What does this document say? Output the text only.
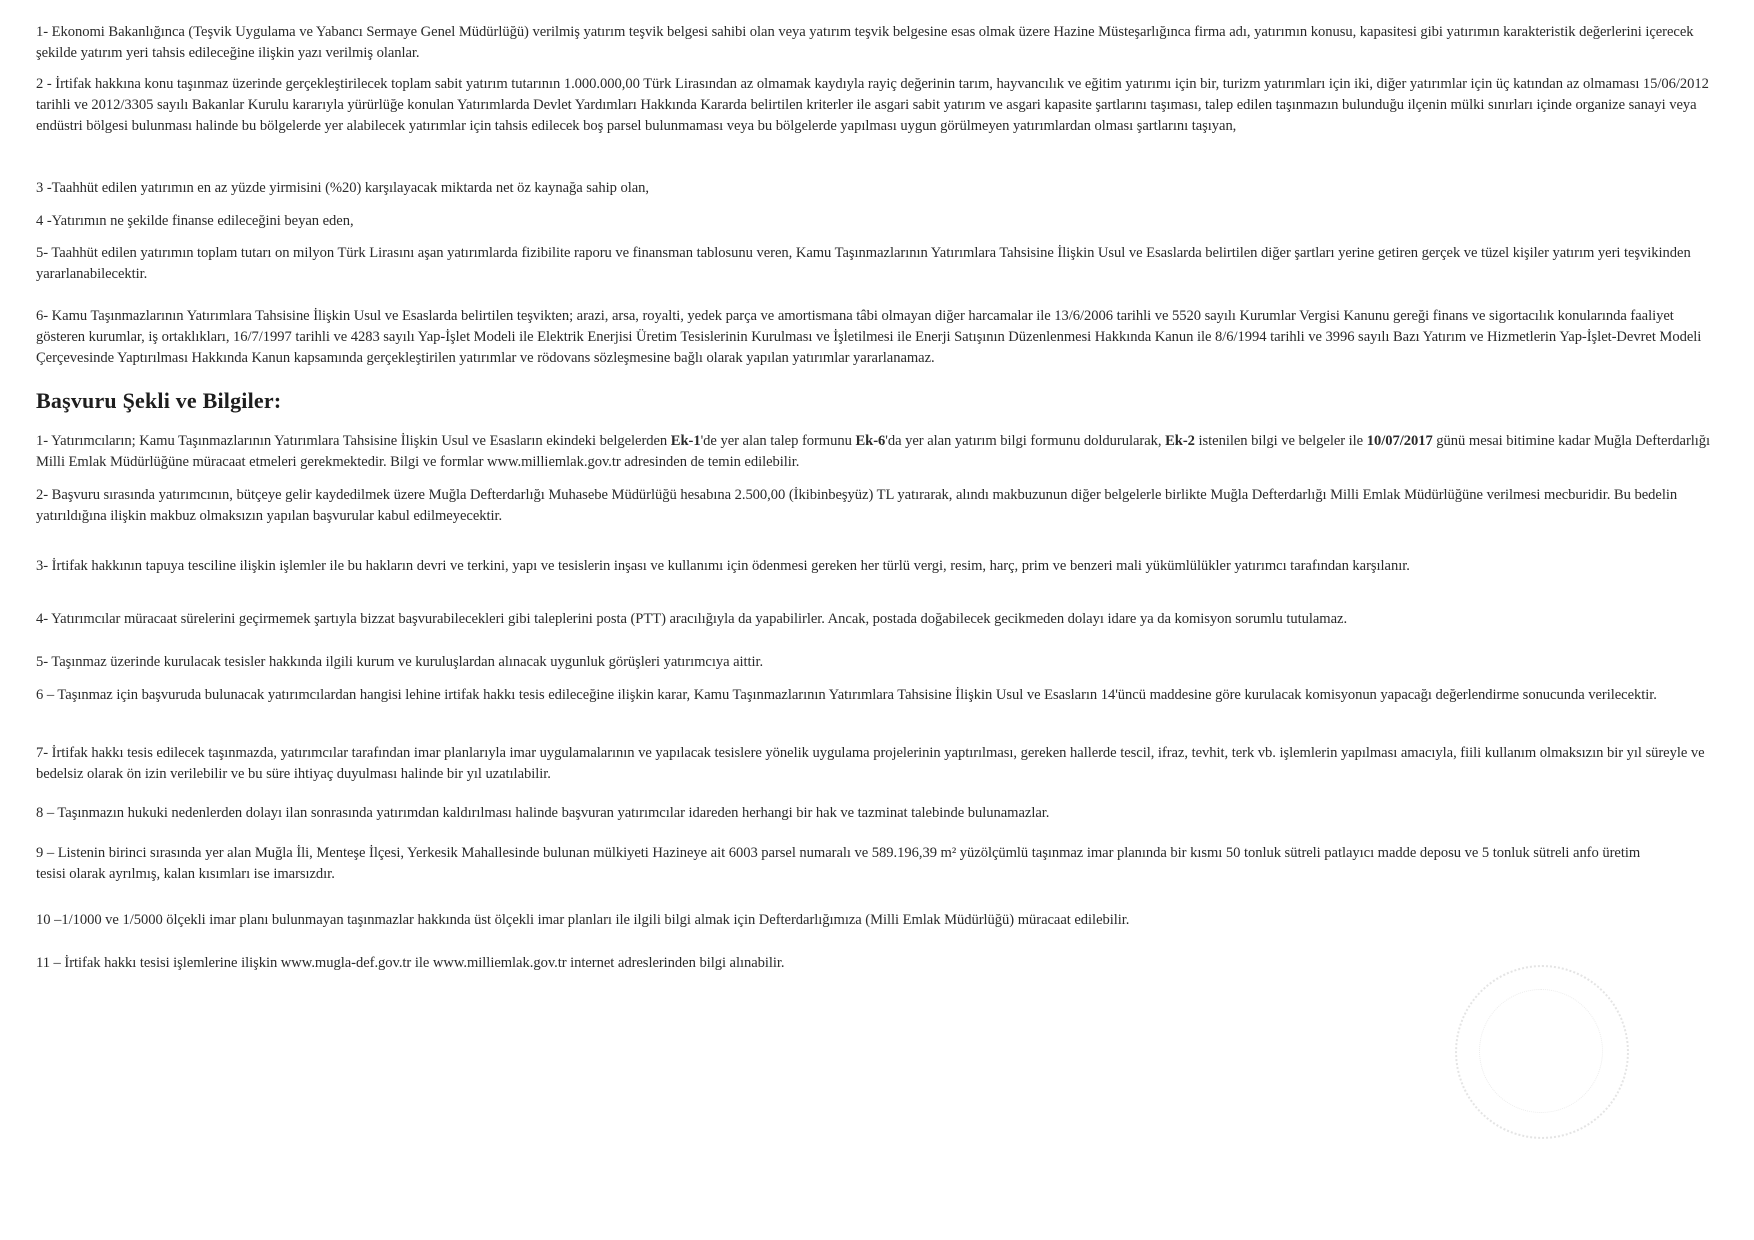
1- Ekonomi Bakanlığınca (Teşvik Uygulama ve Yabancı Sermaye Genel Müdürlüğü) verilmiş yatırım teşvik belgesi sahibi olan veya yatırım teşvik belgesine esas olmak üzere Hazine Müsteşarlığınca firma adı, yatırımın konusu, kapasitesi gibi yatırımın karakteristik değerlerini içerecek şekilde yatırım yeri tahsis edileceğine ilişkin yazı verilmiş olanlar.
2 - İrtifak hakkına konu taşınmaz üzerinde gerçekleştirilecek toplam sabit yatırım tutarının 1.000.000,00 Türk Lirasından az olmamak kaydıyla rayiç değerinin tarım, hayvancılık ve eğitim yatırımı için bir, turizm yatırımları için iki, diğer yatırımlar için üç katından az olmaması 15/06/2012 tarihli ve 2012/3305 sayılı Bakanlar Kurulu kararıyla yürürlüğe konulan Yatırımlarda Devlet Yardımları Hakkında Kararda belirtilen kriterler ile asgari sabit yatırım ve asgari kapasite şartlarını taşıması, talep edilen taşınmazın bulunduğu ilçenin mülki sınırları içinde organize sanayi veya endüstri bölgesi bulunması halinde bu bölgelerde yer alabilecek yatırımlar için tahsis edilecek boş parsel bulunmaması veya bu bölgelerde yapılması uygun görülmeyen yatırımlardan olması şartlarını taşıyan,
3 -Taahhüt edilen yatırımın en az yüzde yirmisini (%20) karşılayacak miktarda net öz kaynağa sahip olan,
4 -Yatırımın ne şekilde finanse edileceğini beyan eden,
5- Taahhüt edilen yatırımın toplam tutarı on milyon Türk Lirasını aşan yatırımlarda fizibilite raporu ve finansman tablosunu veren, Kamu Taşınmazlarının Yatırımlara Tahsisine İlişkin Usul ve Esaslarda belirtilen diğer şartları yerine getiren gerçek ve tüzel kişiler yatırım yeri teşvikinden yararlanabilecektir.
6- Kamu Taşınmazlarının Yatırımlara Tahsisine İlişkin Usul ve Esaslarda belirtilen teşvikten; arazi, arsa, royalti, yedek parça ve amortismana tâbi olmayan diğer harcamalar ile 13/6/2006 tarihli ve 5520 sayılı Kurumlar Vergisi Kanunu gereği finans ve sigortacılık konularında faaliyet gösteren kurumlar, iş ortaklıkları, 16/7/1997 tarihli ve 4283 sayılı Yap-İşlet Modeli ile Elektrik Enerjisi Üretim Tesislerinin Kurulması ve İşletilmesi ile Enerji Satışının Düzenlenmesi Hakkında Kanun ile 8/6/1994 tarihli ve 3996 sayılı Bazı Yatırım ve Hizmetlerin Yap-İşlet-Devret Modeli Çerçevesinde Yaptırılması Hakkında Kanun kapsamında gerçekleştirilen yatırımlar ve rödovans sözleşmesine bağlı olarak yapılan yatırımlar yararlanamaz.
Başvuru Şekli ve Bilgiler:
1- Yatırımcıların; Kamu Taşınmazlarının Yatırımlara Tahsisine İlişkin Usul ve Esasların ekindeki belgelerden Ek-1'de yer alan talep formunu Ek-6'da yer alan yatırım bilgi formunu doldurularak, Ek-2 istenilen bilgi ve belgeler ile 10/07/2017 günü mesai bitimine kadar Muğla Defterdarlığı Milli Emlak Müdürlüğüne müracaat etmeleri gerekmektedir. Bilgi ve formlar www.milliemlak.gov.tr adresinden de temin edilebilir.
2- Başvuru sırasında yatırımcının, bütçeye gelir kaydedilmek üzere Muğla Defterdarlığı Muhasebe Müdürlüğü hesabına 2.500,00 (İkibinbeşyüz) TL yatırarak, alındı makbuzunun diğer belgelerle birlikte Muğla Defterdarlığı Milli Emlak Müdürlüğüne verilmesi mecburidir. Bu bedelin yatırıldığına ilişkin makbuz olmaksızın yapılan başvurular kabul edilmeyecektir.
3- İrtifak hakkının tapuya tesciline ilişkin işlemler ile bu hakların devri ve terkini, yapı ve tesislerin inşası ve kullanımı için ödenmesi gereken her türlü vergi, resim, harç, prim ve benzeri mali yükümlülükler yatırımcı tarafından karşılanır.
4- Yatırımcılar müracaat sürelerini geçirmemek şartıyla bizzat başvurabilecekleri gibi taleplerini posta (PTT) aracılığıyla da yapabilirler. Ancak, postada doğabilecek gecikmeden dolayı idare ya da komisyon sorumlu tutulamaz.
5- Taşınmaz üzerinde kurulacak tesisler hakkında ilgili kurum ve kuruluşlardan alınacak uygunluk görüşleri yatırımcıya aittir.
6 – Taşınmaz için başvuruda bulunacak yatırımcılardan hangisi lehine irtifak hakkı tesis edileceğine ilişkin karar, Kamu Taşınmazlarının Yatırımlara Tahsisine İlişkin Usul ve Esasların 14'üncü maddesine göre kurulacak komisyonun yapacağı değerlendirme sonucunda verilecektir.
7- İrtifak hakkı tesis edilecek taşınmazda, yatırımcılar tarafından imar planlarıyla imar uygulamalarının ve yapılacak tesislere yönelik uygulama projelerinin yaptırılması, gereken hallerde tescil, ifraz, tevhit, terk vb. işlemlerin yapılması amacıyla, fiili kullanım olmaksızın bir yıl süreyle ve bedelsiz olarak ön izin verilebilir ve bu süre ihtiyaç duyulması halinde bir yıl uzatılabilir.
8 – Taşınmazın hukuki nedenlerden dolayı ilan sonrasında yatırımdan kaldırılması halinde başvuran yatırımcılar idareden herhangi bir hak ve tazminat talebinde bulunamazlar.
9 – Listenin birinci sırasında yer alan Muğla İli, Menteşe İlçesi, Yerkesik Mahallesinde bulunan mülkiyeti Hazineye ait 6003 parsel numaralı ve 589.196,39 m² yüzölçümlü taşınmaz imar planında bir kısmı 50 tonluk sütreli patlayıcı madde deposu ve 5 tonluk sütreli anfo üretim tesisi olarak ayrılmış, kalan kısımları ise imarsızdır.
10 –1/1000 ve 1/5000 ölçekli imar planı bulunmayan taşınmazlar hakkında üst ölçekli imar planları ile ilgili bilgi almak için Defterdarlığımıza (Milli Emlak Müdürlüğü) müracaat edilebilir.
11 – İrtifak hakkı tesisi işlemlerine ilişkin www.mugla-def.gov.tr ile www.milliemlak.gov.tr internet adreslerinden bilgi alınabilir.
